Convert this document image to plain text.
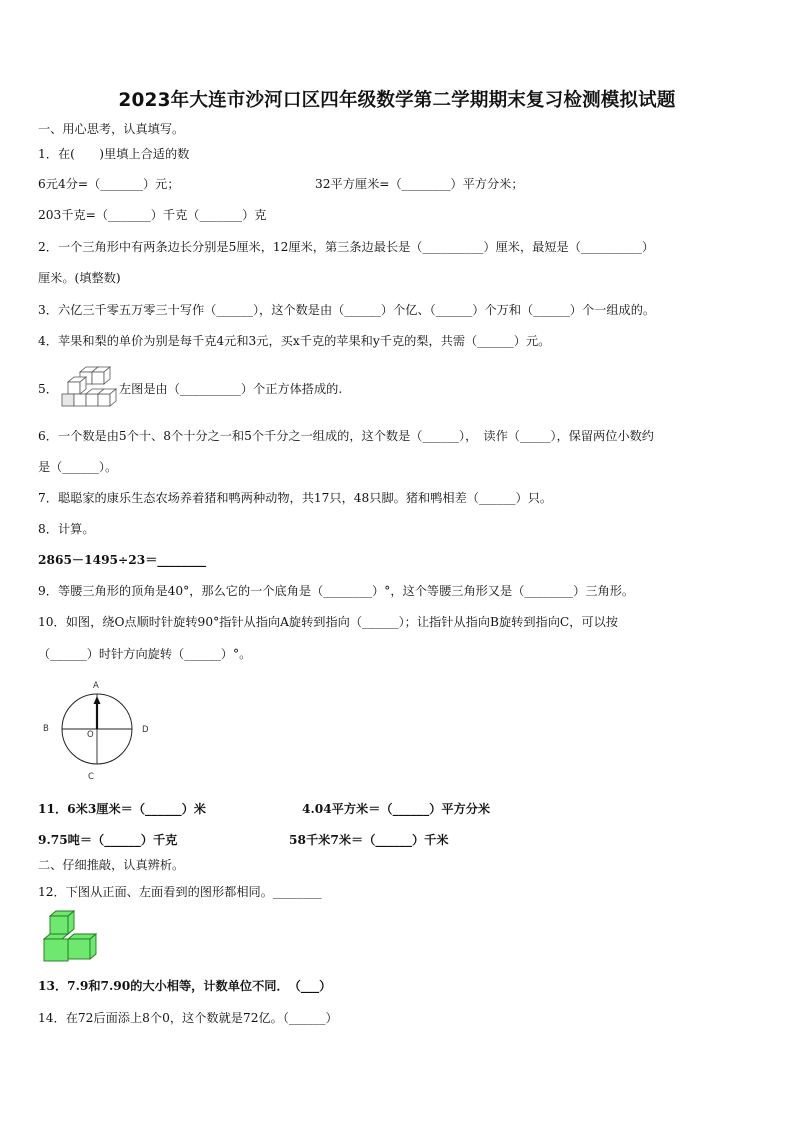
2023年大连市沙河口区四年级数学第二学期期末复习检测模拟试题
一、用心思考，认真填写。
1．在(　　)里填上合适的数
6元4分=（_______）元；	32平方厘米=（________）平方分米；
203千克=（_______）千克（_______）克
2．一个三角形中有两条边长分别是5厘米，12厘米，第三条边最长是（__________）厘米，最短是（__________）
厘米。(填整数)
3．六亿三千零五万零三十写作（______），这个数是由（______）个亿、（______）个万和（______）个一组成的。
4．苹果和梨的单价为别是每千克4元和3元，买x千克的苹果和y千克的梨，共需（______）元。
5．	左图是由（__________）个正方体搭成的.
6．一个数是由5个十、8个十分之一和5个千分之一组成的，这个数是（______），　读作（_____），保留两位小数约
是（______）。
7．聪聪家的康乐生态农场养着猪和鸭两种动物，共17只，48只脚。猪和鸭相差（______）只。
8．计算。
2865－1495÷23＝________
9．等腰三角形的顶角是40°，那么它的一个底角是（________）°，这个等腰三角形又是（________）三角形。
10．如图，绕O点顺时针旋转90°指针从指向A旋转到指向（______）；让指针从指向B旋转到指向C，可以按
（______）时针方向旋转（______）°。
A
B
C
D
O
11．6米3厘米＝（______）米	4.04平方米＝（______）平方分米
9.75吨＝（______）千克	58千米7米＝（______）千米
二、仔细推敲，认真辨析。
12．下图从正面、左面看到的图形都相同。________
13．7.9和7.90的大小相等，计数单位不同．　（___）
14．在72后面添上8个0，这个数就是72亿。（______）
